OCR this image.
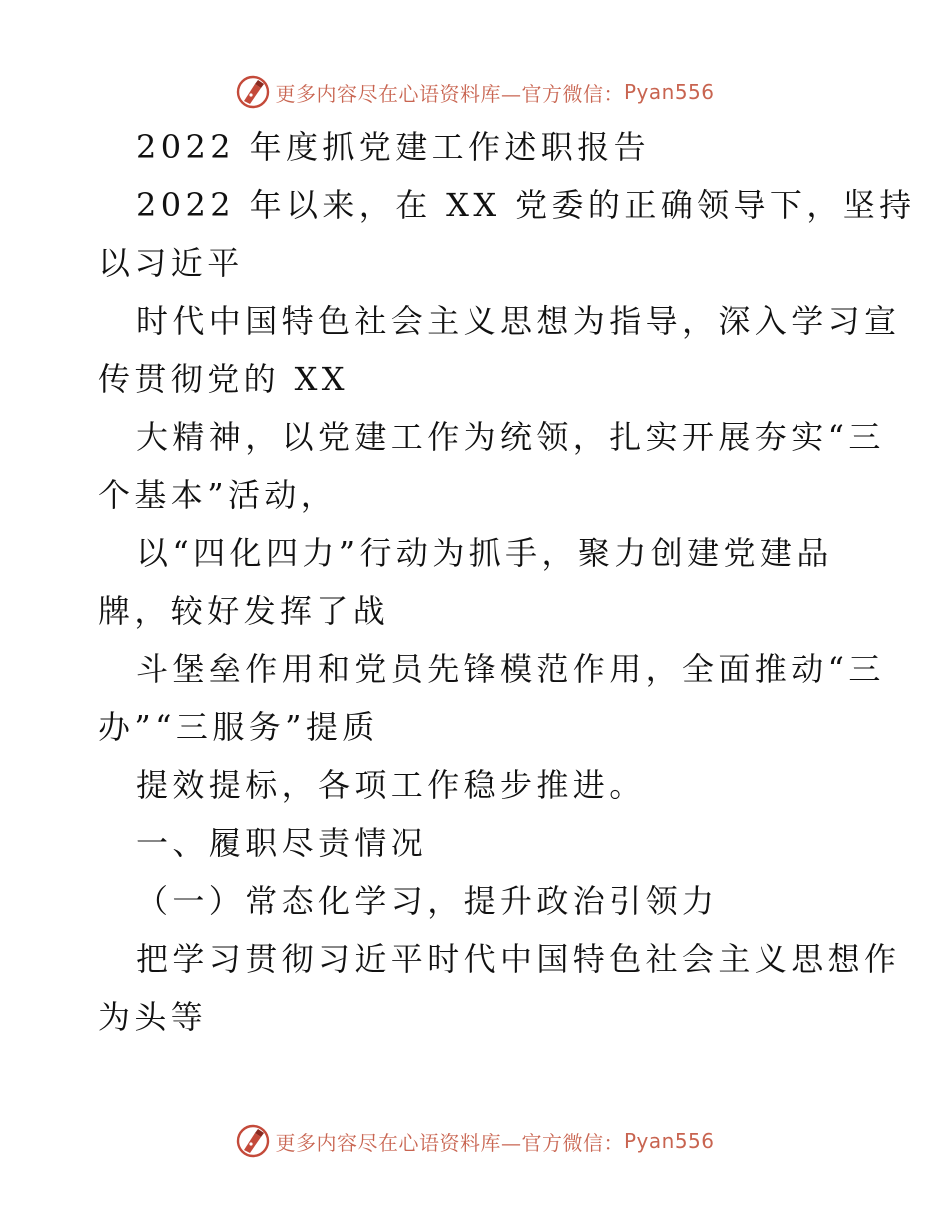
更多内容尽在心语资料库—官方微信： Pyan556

2022 年度抓党建工作述职报告

2022 年以来，在 XX 党委的正确领导下，坚持

以习近平

时代中国特色社会主义思想为指导，深入学习宣

传贯彻党的 XX

大精神，以党建工作为统领，扎实开展夯实“三

个基本”活动，

以“四化四力”行动为抓手，聚力创建党建品

牌，较好发挥了战

斗堡垒作用和党员先锋模范作用，全面推动“三

办”“三服务”提质

提效提标，各项工作稳步推进。

一、履职尽责情况

（一）常态化学习，提升政治引领力

把学习贯彻习近平时代中国特色社会主义思想作

为头等

更多内容尽在心语资料库—官方微信： Pyan556
